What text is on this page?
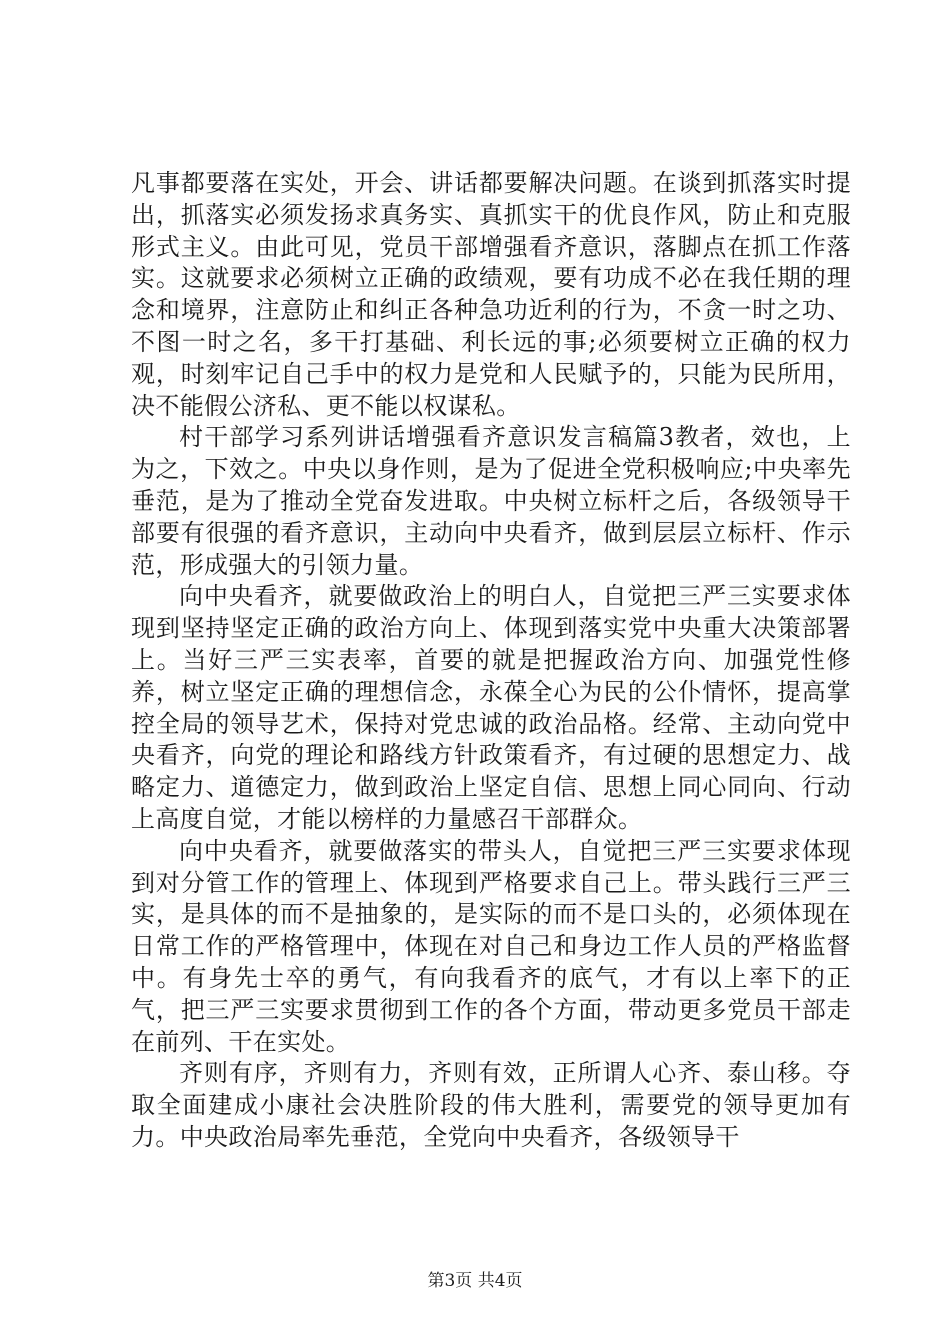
凡事都要落在实处，开会、讲话都要解决问题。在谈到抓落实时提出，抓落实必须发扬求真务实、真抓实干的优良作风，防止和克服形式主义。由此可见，党员干部增强看齐意识，落脚点在抓工作落实。这就要求必须树立正确的政绩观，要有功成不必在我任期的理念和境界，注意防止和纠正各种急功近利的行为，不贪一时之功、不图一时之名，多干打基础、利长远的事;必须要树立正确的权力观，时刻牢记自己手中的权力是党和人民赋予的，只能为民所用，决不能假公济私、更不能以权谋私。

村干部学习系列讲话增强看齐意识发言稿篇3教者，效也，上为之，下效之。中央以身作则，是为了促进全党积极响应;中央率先垂范，是为了推动全党奋发进取。中央树立标杆之后，各级领导干部要有很强的看齐意识，主动向中央看齐，做到层层立标杆、作示范，形成强大的引领力量。

向中央看齐，就要做政治上的明白人，自觉把三严三实要求体现到坚持坚定正确的政治方向上、体现到落实党中央重大决策部署上。当好三严三实表率，首要的就是把握政治方向、加强党性修养，树立坚定正确的理想信念，永葆全心为民的公仆情怀，提高掌控全局的领导艺术，保持对党忠诚的政治品格。经常、主动向党中央看齐，向党的理论和路线方针政策看齐，有过硬的思想定力、战略定力、道德定力，做到政治上坚定自信、思想上同心同向、行动上高度自觉，才能以榜样的力量感召干部群众。

向中央看齐，就要做落实的带头人，自觉把三严三实要求体现到对分管工作的管理上、体现到严格要求自己上。带头践行三严三实，是具体的而不是抽象的，是实际的而不是口头的，必须体现在日常工作的严格管理中，体现在对自己和身边工作人员的严格监督中。有身先士卒的勇气，有向我看齐的底气，才有以上率下的正气，把三严三实要求贯彻到工作的各个方面，带动更多党员干部走在前列、干在实处。

齐则有序，齐则有力，齐则有效，正所谓人心齐、泰山移。夺取全面建成小康社会决胜阶段的伟大胜利，需要党的领导更加有力。中央政治局率先垂范，全党向中央看齐，各级领导干

第3页 共4页
